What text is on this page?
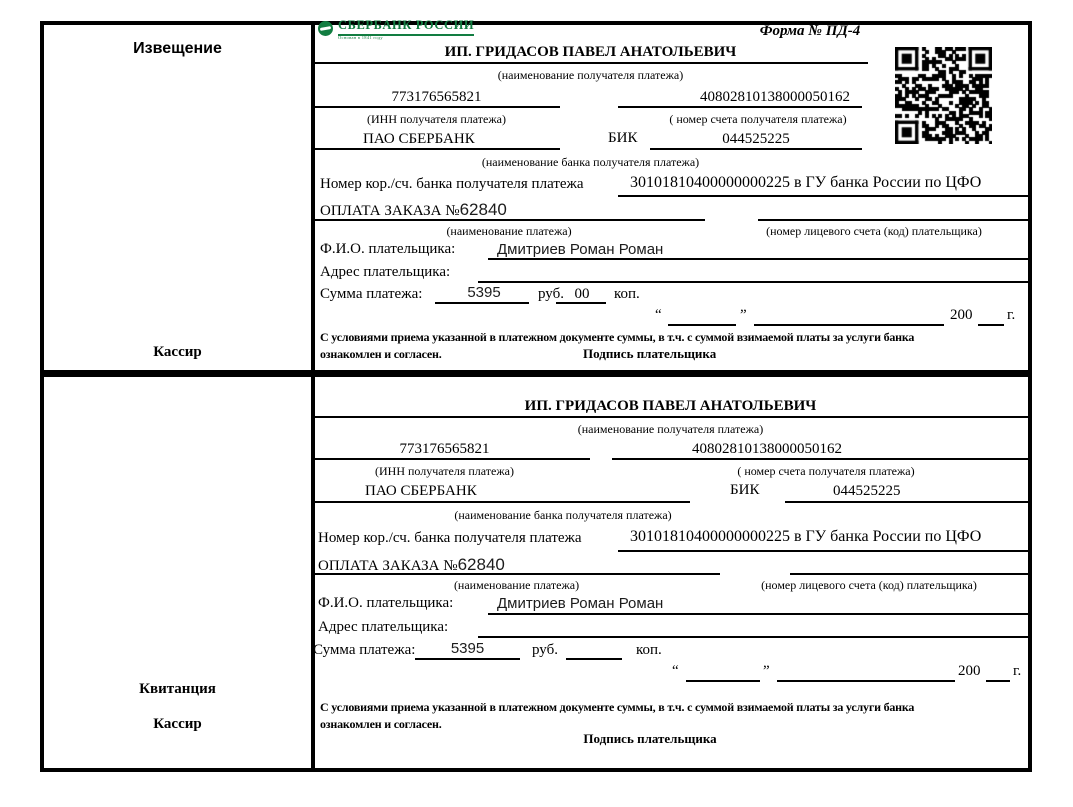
Извещение
Кассир
Квитанция
Кассир
СБЕРБАНК РОССИИ
Основан в 1841 году	Форма № ПД-4
ИП. ГРИДАСОВ ПАВЕЛ АНАТОЛЬЕВИЧ
(наименование получателя платежа)
773176565821	40802810138000050162
(ИНН получателя платежа)	( номер счета получателя платежа)
ПАО СБЕРБАНК	БИК	044525225
(наименование банка получателя платежа)
Номер кор./сч. банка получателя платежа	30101810400000000225 в ГУ банка России по ЦФО
ОПЛАТА ЗАКАЗА №62840
(наименование платежа)	(номер лицевого счета (код) плательщика)
Ф.И.О. плательщика:	Дмитриев Роман Роман
Адрес плательщика:
Сумма платежа:	5395	руб. 00	коп.
“	”	200 г.
С условиями приема указанной в платежном документе суммы, в т.ч. с суммой взимаемой платы за услуги банка
ознакомлен и согласен.	Подпись плательщика
ИП. ГРИДАСОВ ПАВЕЛ АНАТОЛЬЕВИЧ
(наименование получателя платежа)
773176565821	40802810138000050162
(ИНН получателя платежа)	( номер счета получателя платежа)
ПАО СБЕРБАНК	БИК	044525225
(наименование банка получателя платежа)
Номер кор./сч. банка получателя платежа	30101810400000000225 в ГУ банка России по ЦФО
ОПЛАТА ЗАКАЗА №62840
(наименование платежа)	(номер лицевого счета (код) плательщика)
Ф.И.О. плательщика:	Дмитриев Роман Роман
Адрес плательщика:
Сумма платежа:	5395	руб.	коп.
“	”	200 г.
С условиями приема указанной в платежном документе суммы, в т.ч. с суммой взимаемой платы за услуги банка
ознакомлен и согласен.
Подпись плательщика
